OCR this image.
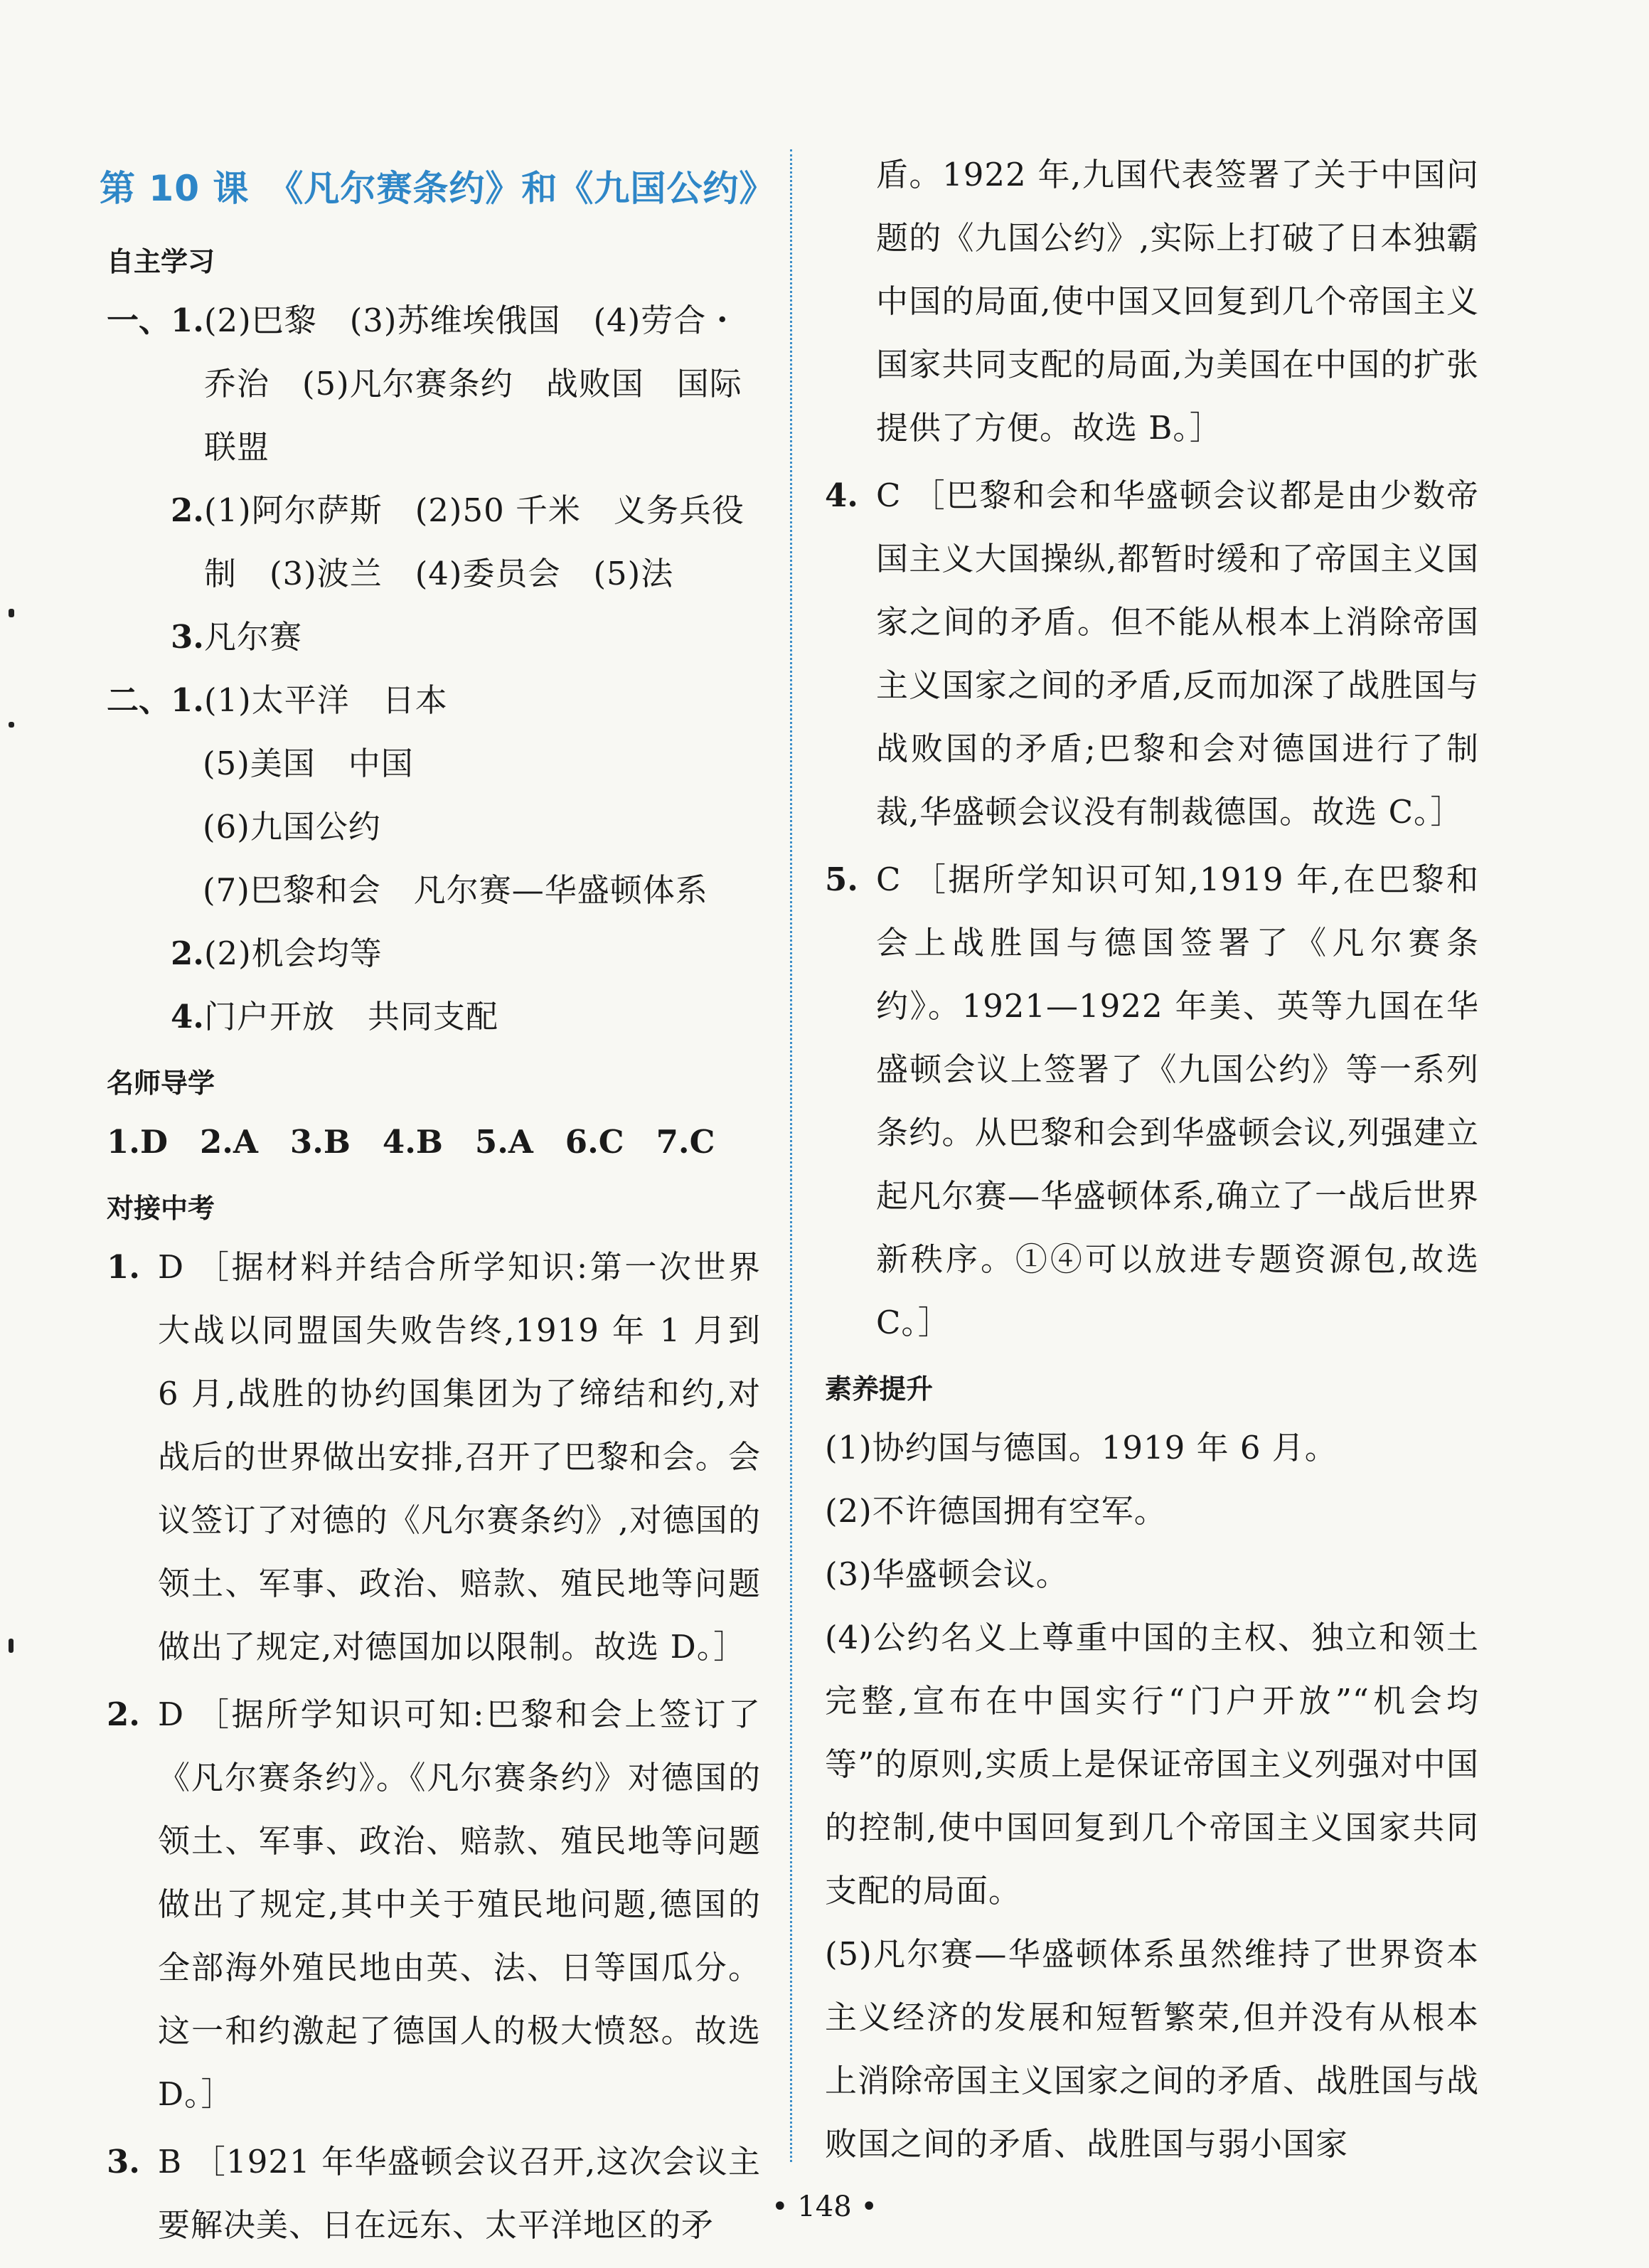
第 10 课　《凡尔赛条约》和《九国公约》
自主学习
一、1. (2)巴黎　(3)苏维埃俄国　(4)劳合・乔治　(5)凡尔赛条约　战败国　国际联盟
　　2. (1)阿尔萨斯　(2)50 千米　义务兵役制　(3)波兰　(4)委员会　(5)法
　　3. 凡尔赛
二、1. (1)太平洋　日本

(5)美国　中国

(6)九国公约

(7)巴黎和会　凡尔赛—华盛顿体系
　　2. (2)机会均等
　　4. 门户开放　共同支配
名师导学
1.D　2.A　3.B　4.B　5.A　6.C　7.C
对接中考
1. D ［据材料并结合所学知识:第一次世界大战以同盟国失败告终,1919 年 1 月到 6 月,战胜的协约国集团为了缔结和约,对战后的世界做出安排,召开了巴黎和会。会议签订了对德的《凡尔赛条约》,对德国的领土、军事、政治、赔款、殖民地等问题做出了规定,对德国加以限制。故选 D。］
2. D ［据所学知识可知:巴黎和会上签订了《凡尔赛条约》。《凡尔赛条约》对德国的领土、军事、政治、赔款、殖民地等问题做出了规定,其中关于殖民地问题,德国的全部海外殖民地由英、法、日等国瓜分。这一和约激起了德国人的极大愤怒。故选 D。］
3. B ［1921 年华盛顿会议召开,这次会议主要解决美、日在远东、太平洋地区的矛
盾。1922 年,九国代表签署了关于中国问题的《九国公约》,实际上打破了日本独霸中国的局面,使中国又回复到几个帝国主义国家共同支配的局面,为美国在中国的扩张提供了方便。故选 B。］
4. C ［巴黎和会和华盛顿会议都是由少数帝国主义大国操纵,都暂时缓和了帝国主义国家之间的矛盾。但不能从根本上消除帝国主义国家之间的矛盾,反而加深了战胜国与战败国的矛盾;巴黎和会对德国进行了制裁,华盛顿会议没有制裁德国。故选 C。］
5. C ［据所学知识可知,1919 年,在巴黎和会上战胜国与德国签署了《凡尔赛条约》。1921—1922 年美、英等九国在华盛顿会议上签署了《九国公约》等一系列条约。从巴黎和会到华盛顿会议,列强建立起凡尔赛—华盛顿体系,确立了一战后世界新秩序。①④可以放进专题资源包,故选 C。］
素养提升

(1)协约国与德国。1919 年 6 月。

(2)不许德国拥有空军。

(3)华盛顿会议。

(4)公约名义上尊重中国的主权、独立和领土完整,宣布在中国实行“门户开放”“机会均等”的原则,实质上是保证帝国主义列强对中国的控制,使中国回复到几个帝国主义国家共同支配的局面。

(5)凡尔赛—华盛顿体系虽然维持了世界资本主义经济的发展和短暂繁荣,但并没有从根本上消除帝国主义国家之间的矛盾、战胜国与战败国之间的矛盾、战胜国与弱小国家

• 148 •
